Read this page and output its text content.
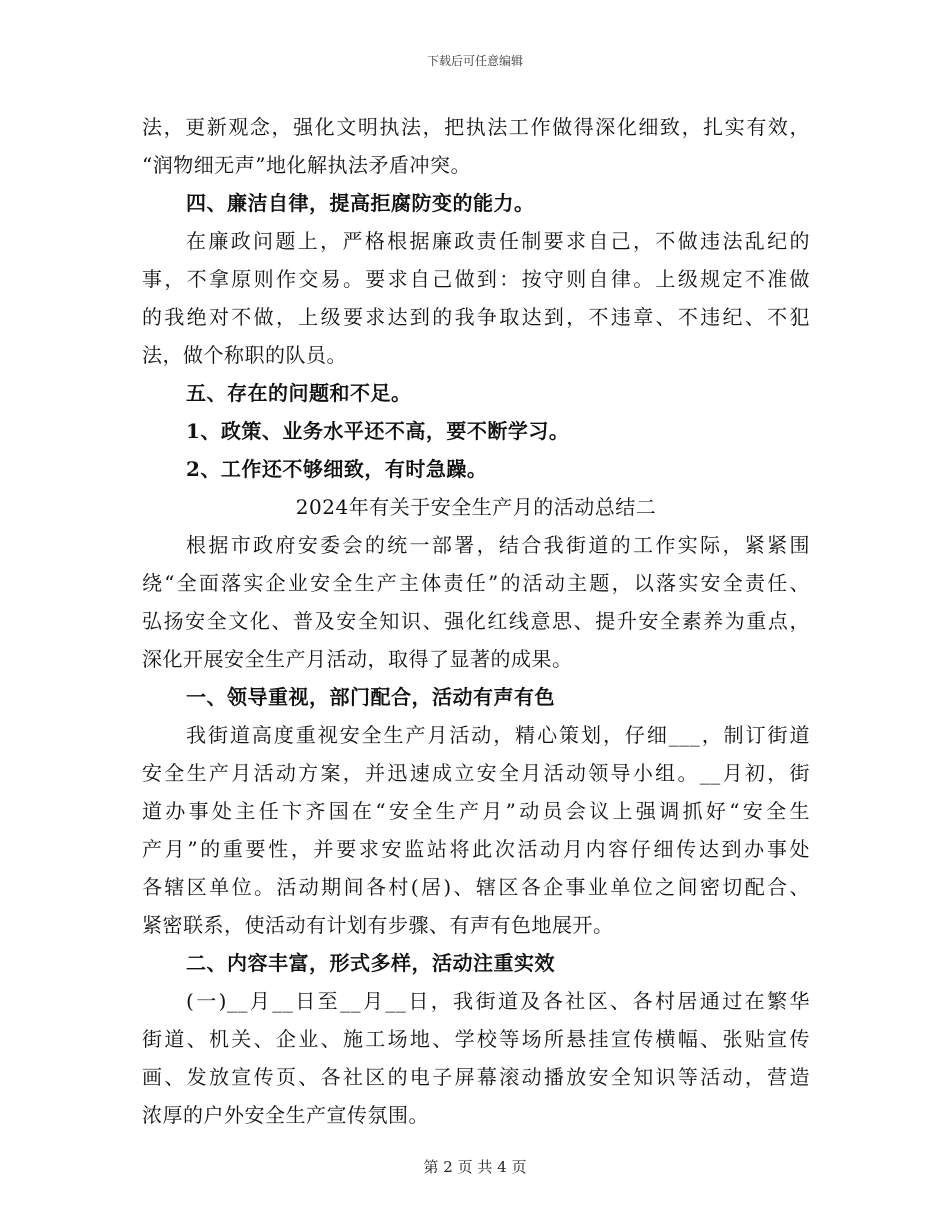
下载后可任意编辑
法，更新观念，强化文明执法，把执法工作做得深化细致，扎实有效，
“润物细无声”地化解执法矛盾冲突。
四、廉洁自律，提高拒腐防变的能力。
在廉政问题上，严格根据廉政责任制要求自己，不做违法乱纪的
事，不拿原则作交易。要求自己做到：按守则自律。上级规定不准做
的我绝对不做，上级要求达到的我争取达到，不违章、不违纪、不犯
法，做个称职的队员。
五、存在的问题和不足。
1、政策、业务水平还不高，要不断学习。
2、工作还不够细致，有时急躁。
2024年有关于安全生产月的活动总结二
根据市政府安委会的统一部署，结合我街道的工作实际，紧紧围
绕“全面落实企业安全生产主体责任”的活动主题，以落实安全责任、
弘扬安全文化、普及安全知识、强化红线意思、提升安全素养为重点，
深化开展安全生产月活动，取得了显著的成果。
一、领导重视，部门配合，活动有声有色
我街道高度重视安全生产月活动，精心策划，仔细___，制订街道
安全生产月活动方案，并迅速成立安全月活动领导小组。__月初，街
道办事处主任卞齐国在“安全生产月”动员会议上强调抓好“安全生
产月”的重要性，并要求安监站将此次活动月内容仔细传达到办事处
各辖区单位。活动期间各村(居)、辖区各企事业单位之间密切配合、
紧密联系，使活动有计划有步骤、有声有色地展开。
二、内容丰富，形式多样，活动注重实效
(一)__月__日至__月__日，我街道及各社区、各村居通过在繁华
街道、机关、企业、施工场地、学校等场所悬挂宣传横幅、张贴宣传
画、发放宣传页、各社区的电子屏幕滚动播放安全知识等活动，营造
浓厚的户外安全生产宣传氛围。
第 2 页 共 4 页
